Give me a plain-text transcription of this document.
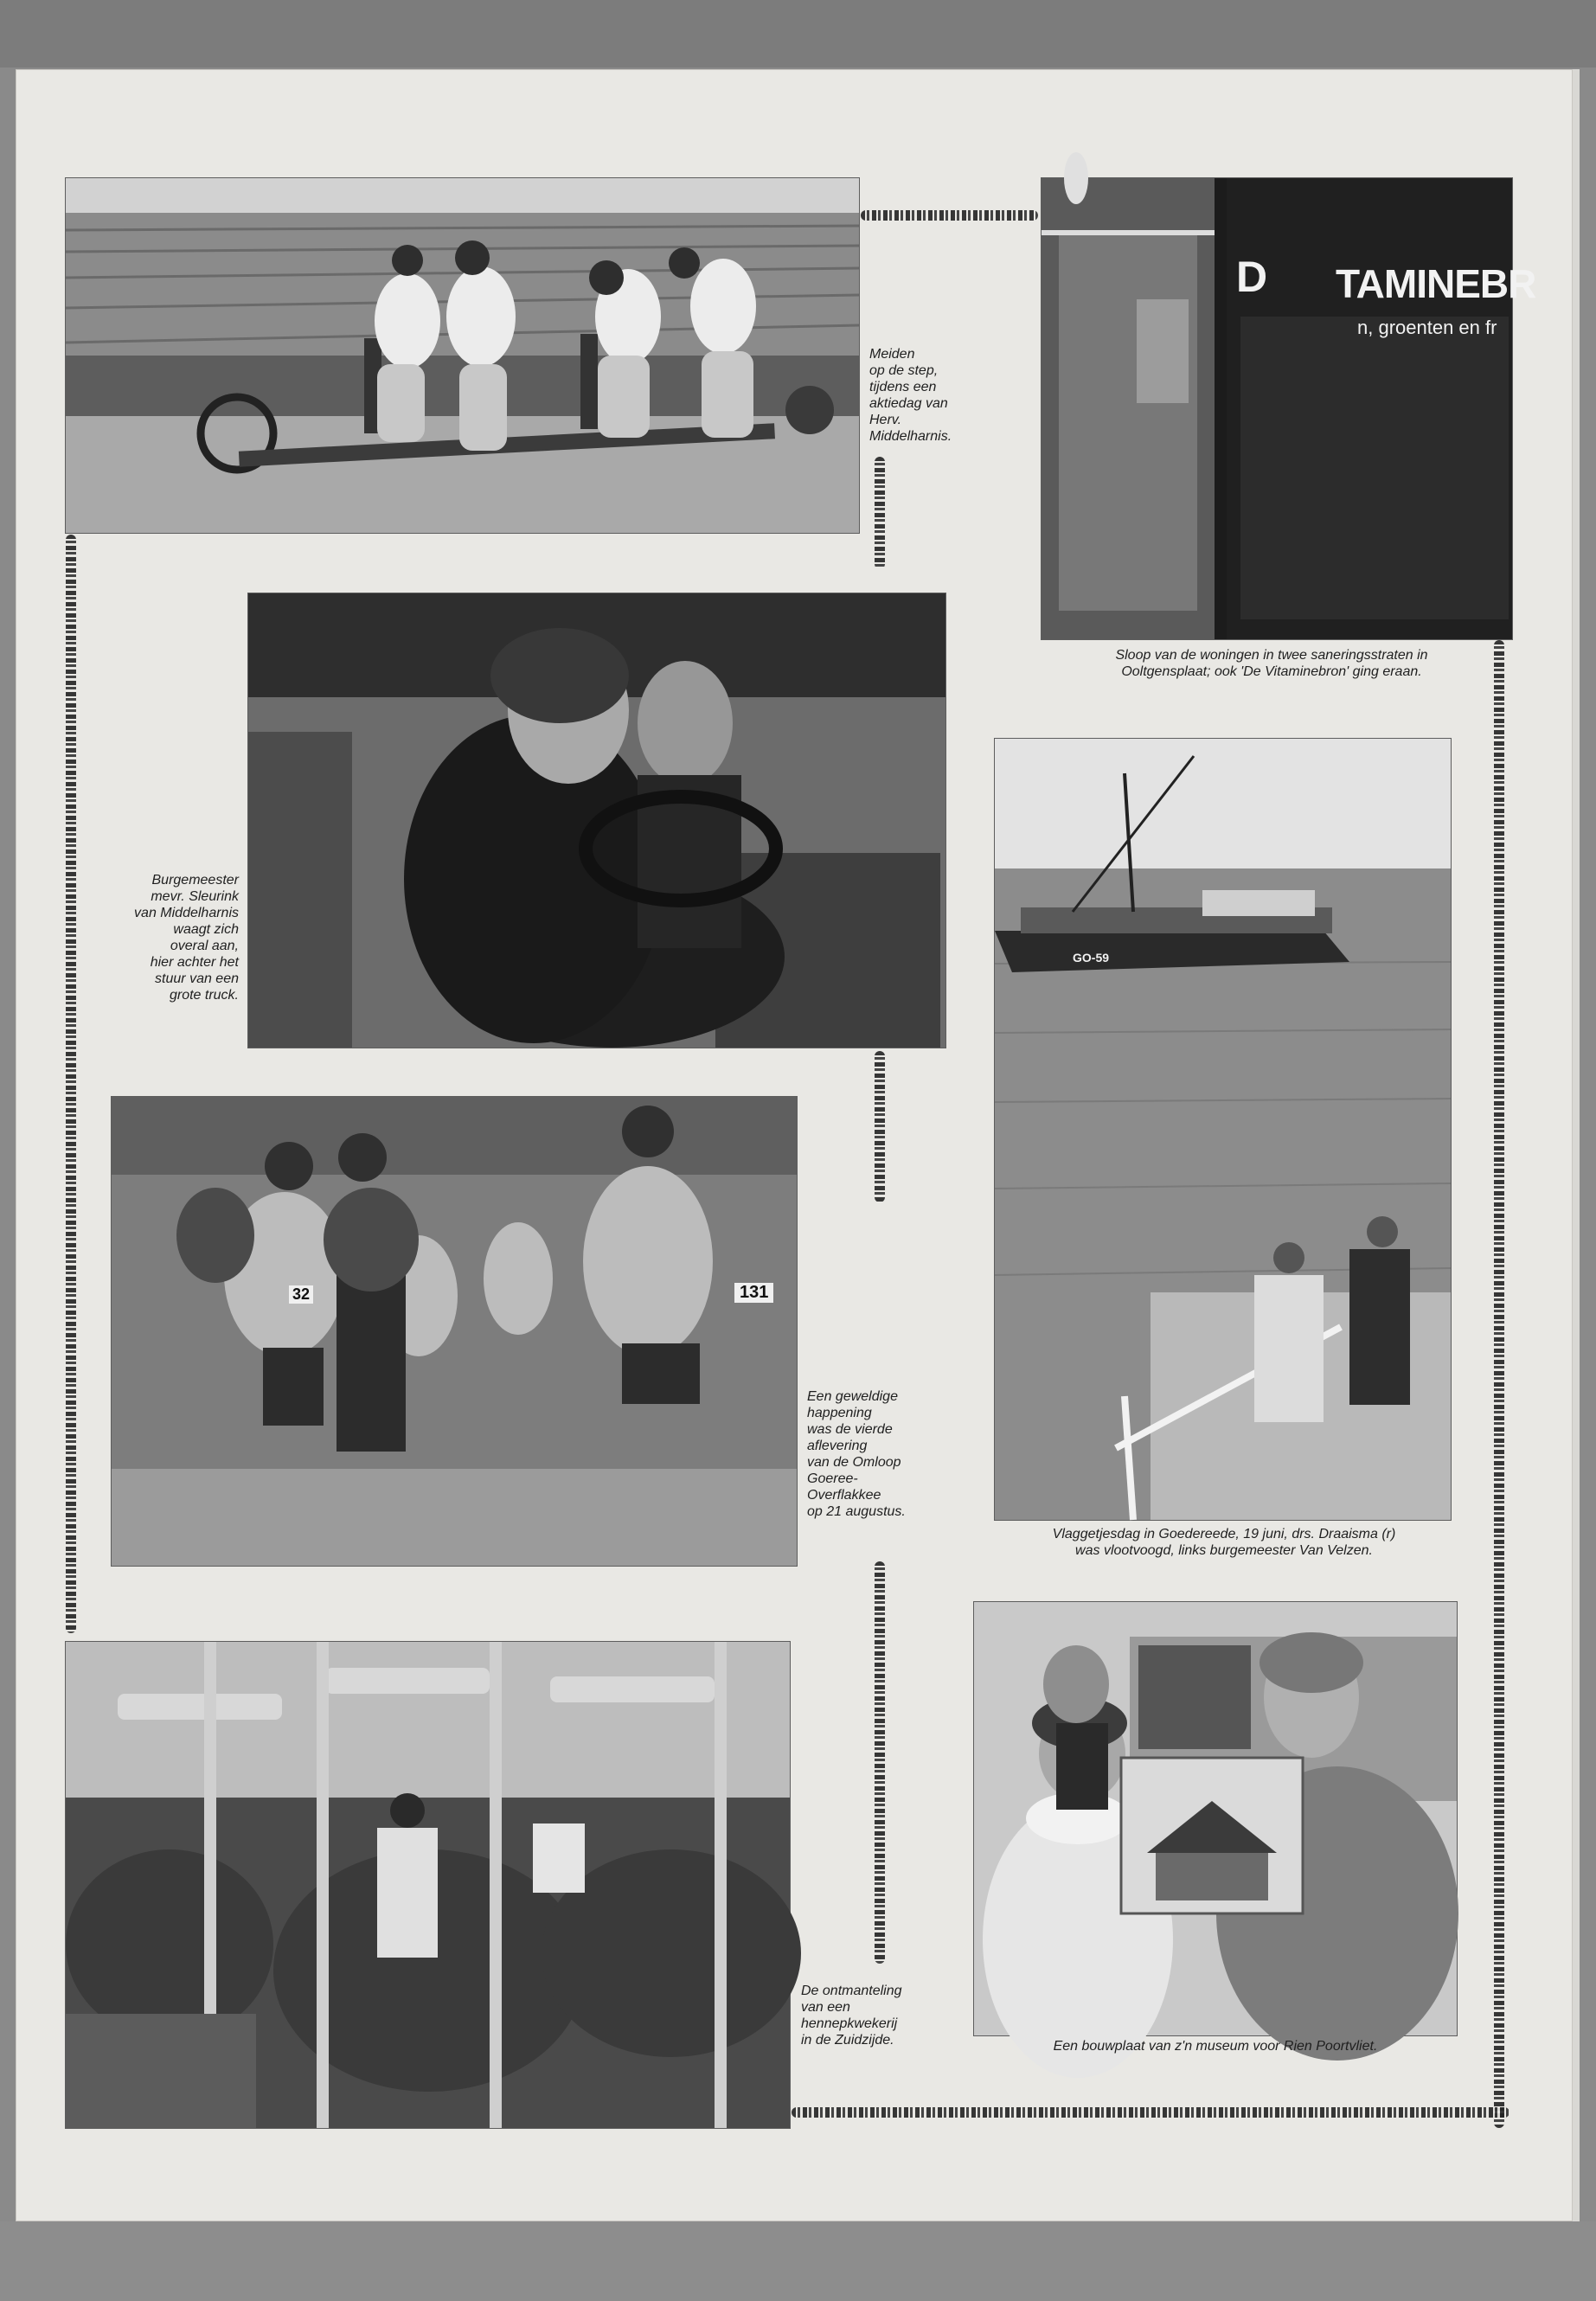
Meiden
op de step,
tijdens een
aktiedag van
Herv.
Middelharnis.

D TAMINEBR
n, groenten en fr

Sloop van de woningen in twee saneringsstraten in
Ooltgensplaat; ook 'De Vitaminebron' ging eraan.

Burgemeester
mevr. Sleurink
van Middelharnis
waagt zich
overal aan,
hier achter het
stuur van een
grote truck.

GO-59

Vlaggetjesdag in Goedereede, 19 juni, drs. Draaisma (r)
was vlootvoogd, links burgemeester Van Velzen.

131
32

Een geweldige
happening
was de vierde
aflevering
van de Omloop
Goeree-
Overflakkee
op 21 augustus.

De ontmanteling
van een
hennepkwekerij
in de Zuidzijde.	Een bouwplaat van z'n museum voor Rien Poortvliet.
